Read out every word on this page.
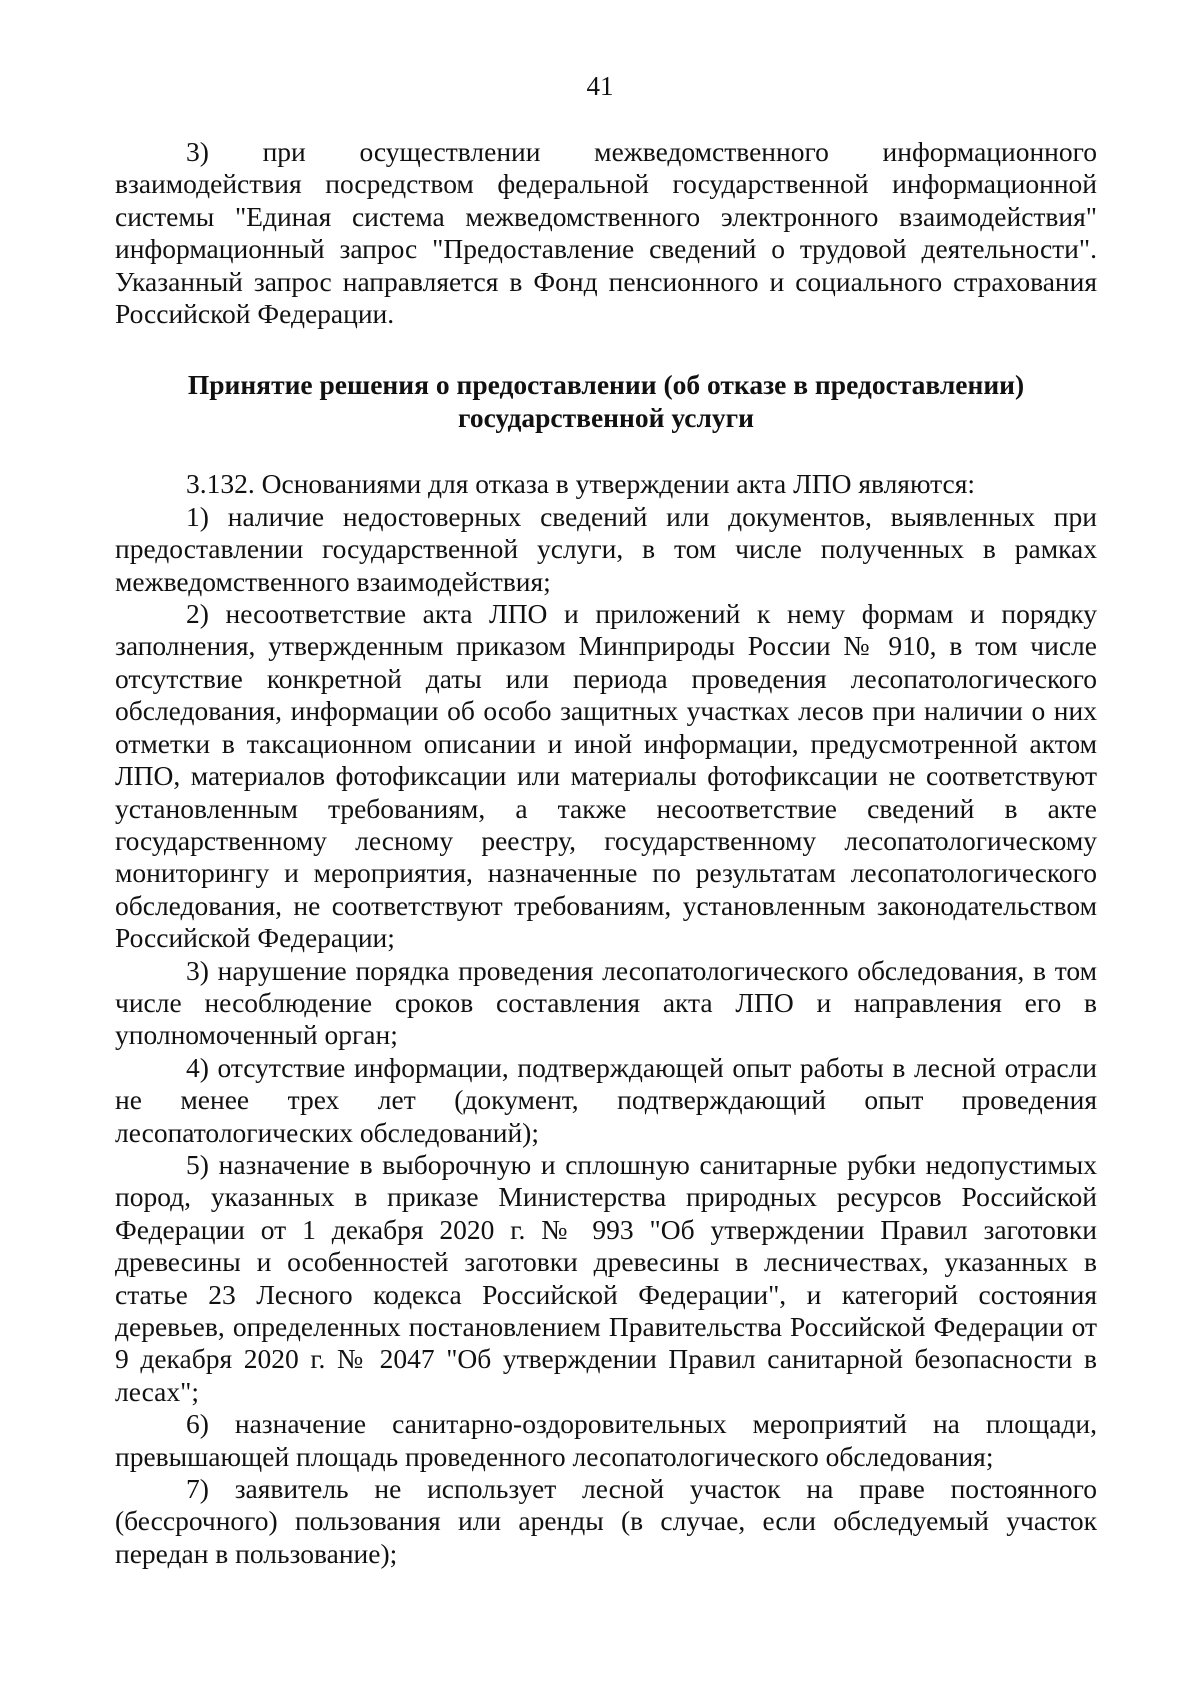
41

3) при осуществлении межведомственного информационного взаимодействия посредством федеральной государственной информационной системы "Единая система межведомственного электронного взаимодействия" информационный запрос "Предоставление сведений о трудовой деятельности". Указанный запрос направляется в Фонд пенсионного и социального страхования Российской Федерации.

Принятие решения о предоставлении (об отказе в предоставлении)
государственной услуги

3.132. Основаниями для отказа в утверждении акта ЛПО являются:

1) наличие недостоверных сведений или документов, выявленных при предоставлении государственной услуги, в том числе полученных в рамках межведомственного взаимодействия;

2) несоответствие акта ЛПО и приложений к нему формам и порядку заполнения, утвержденным приказом Минприроды России № 910, в том числе отсутствие конкретной даты или периода проведения лесопатологического обследования, информации об особо защитных участках лесов при наличии о них отметки в таксационном описании и иной информации, предусмотренной актом ЛПО, материалов фотофиксации или материалы фотофиксации не соответствуют установленным требованиям, а также несоответствие сведений в акте государственному лесному реестру, государственному лесопатологическому мониторингу и мероприятия, назначенные по результатам лесопатологического обследования, не соответствуют требованиям, установленным законодательством Российской Федерации;

3) нарушение порядка проведения лесопатологического обследования, в том числе несоблюдение сроков составления акта ЛПО и направления его в уполномоченный орган;

4) отсутствие информации, подтверждающей опыт работы в лесной отрасли не менее трех лет (документ, подтверждающий опыт проведения лесопатологических обследований);

5) назначение в выборочную и сплошную санитарные рубки недопустимых пород, указанных в приказе Министерства природных ресурсов Российской Федерации от 1 декабря 2020 г. № 993 "Об утверждении Правил заготовки древесины и особенностей заготовки древесины в лесничествах, указанных в статье 23 Лесного кодекса Российской Федерации", и категорий состояния деревьев, определенных постановлением Правительства Российской Федерации от 9 декабря 2020 г. № 2047 "Об утверждении Правил санитарной безопасности в лесах";

6) назначение санитарно-оздоровительных мероприятий на площади, превышающей площадь проведенного лесопатологического обследования;

7) заявитель не использует лесной участок на праве постоянного (бессрочного) пользования или аренды (в случае, если обследуемый участок передан в пользование);
